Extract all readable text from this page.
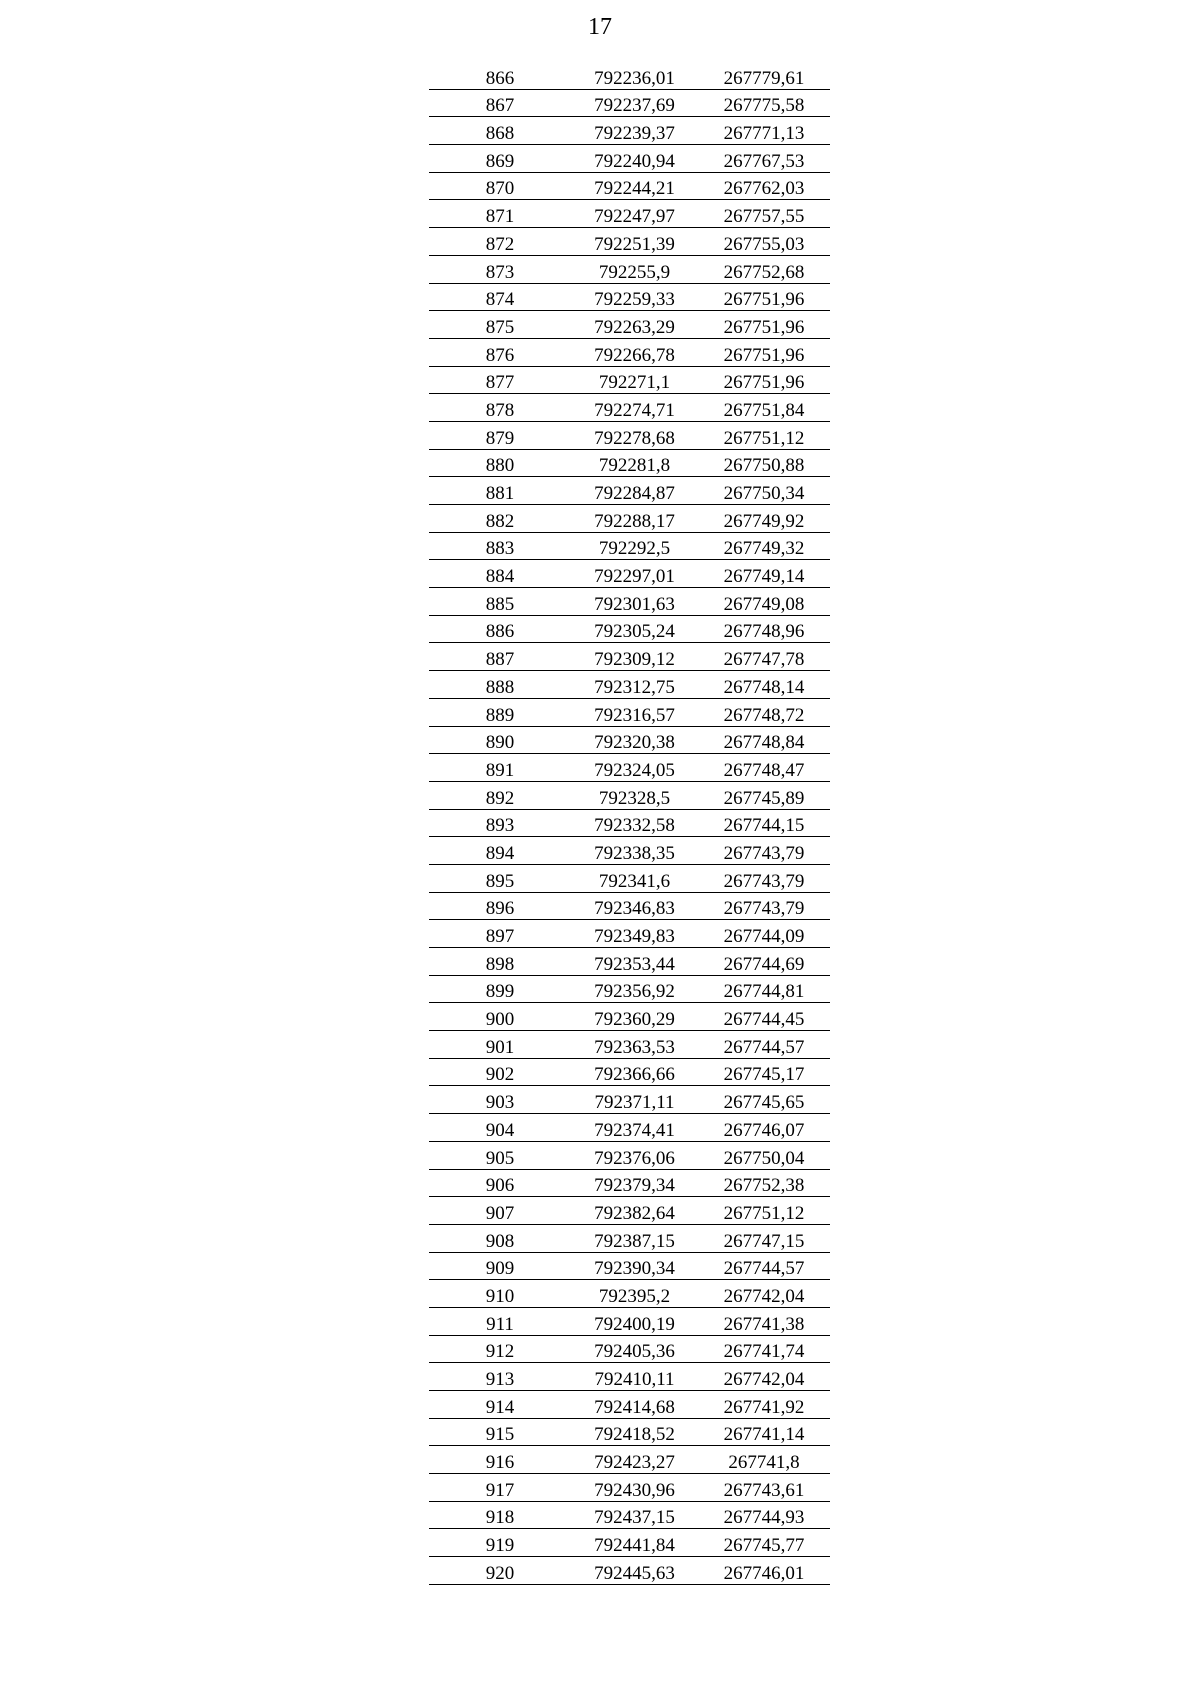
17
866	792236,01	267779,61
867	792237,69	267775,58
868	792239,37	267771,13
869	792240,94	267767,53
870	792244,21	267762,03
871	792247,97	267757,55
872	792251,39	267755,03
873	792255,9	267752,68
874	792259,33	267751,96
875	792263,29	267751,96
876	792266,78	267751,96
877	792271,1	267751,96
878	792274,71	267751,84
879	792278,68	267751,12
880	792281,8	267750,88
881	792284,87	267750,34
882	792288,17	267749,92
883	792292,5	267749,32
884	792297,01	267749,14
885	792301,63	267749,08
886	792305,24	267748,96
887	792309,12	267747,78
888	792312,75	267748,14
889	792316,57	267748,72
890	792320,38	267748,84
891	792324,05	267748,47
892	792328,5	267745,89
893	792332,58	267744,15
894	792338,35	267743,79
895	792341,6	267743,79
896	792346,83	267743,79
897	792349,83	267744,09
898	792353,44	267744,69
899	792356,92	267744,81
900	792360,29	267744,45
901	792363,53	267744,57
902	792366,66	267745,17
903	792371,11	267745,65
904	792374,41	267746,07
905	792376,06	267750,04
906	792379,34	267752,38
907	792382,64	267751,12
908	792387,15	267747,15
909	792390,34	267744,57
910	792395,2	267742,04
911	792400,19	267741,38
912	792405,36	267741,74
913	792410,11	267742,04
914	792414,68	267741,92
915	792418,52	267741,14
916	792423,27	267741,8
917	792430,96	267743,61
918	792437,15	267744,93
919	792441,84	267745,77
920	792445,63	267746,01
